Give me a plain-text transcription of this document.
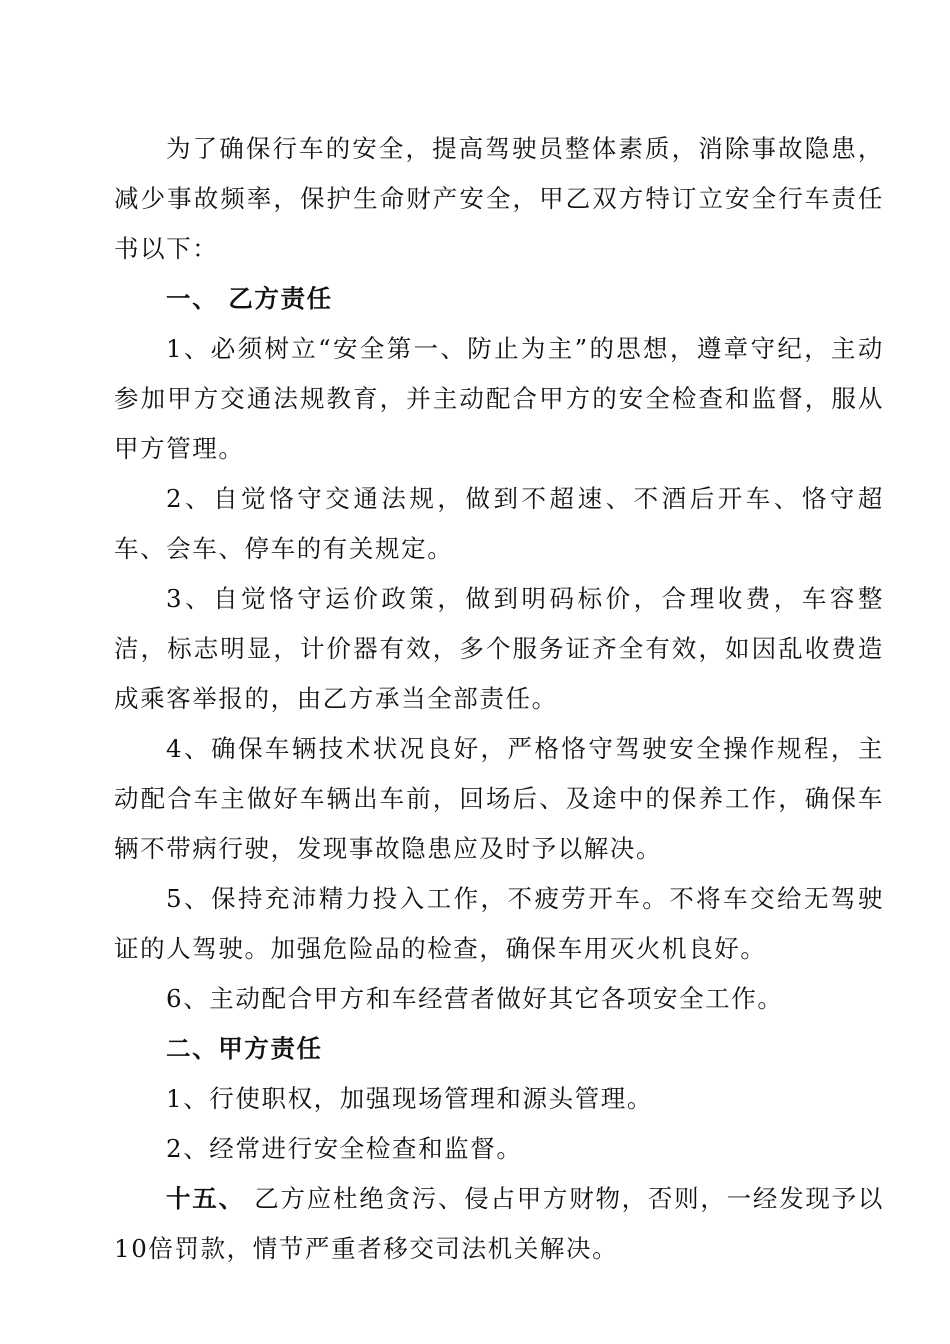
为了确保行车的安全，提高驾驶员整体素质，消除事故隐患，减少事故频率，保护生命财产安全，甲乙双方特订立安全行车责任书以下：

一、 乙方责任

1、必须树立“安全第一、防止为主”的思想，遵章守纪，主动参加甲方交通法规教育，并主动配合甲方的安全检查和监督，服从甲方管理。

2、自觉恪守交通法规，做到不超速、不酒后开车、恪守超车、会车、停车的有关规定。

3、自觉恪守运价政策，做到明码标价，合理收费，车容整洁，标志明显，计价器有效，多个服务证齐全有效，如因乱收费造成乘客举报的，由乙方承当全部责任。

4、确保车辆技术状况良好，严格恪守驾驶安全操作规程，主动配合车主做好车辆出车前，回场后、及途中的保养工作，确保车辆不带病行驶，发现事故隐患应及时予以解决。

5、保持充沛精力投入工作，不疲劳开车。不将车交给无驾驶证的人驾驶。加强危险品的检查，确保车用灭火机良好。

6、主动配合甲方和车经营者做好其它各项安全工作。

二、甲方责任

1、行使职权，加强现场管理和源头管理。

2、经常进行安全检查和监督。

十五、 乙方应杜绝贪污、侵占甲方财物，否则，一经发现予以10倍罚款，情节严重者移交司法机关解决。
